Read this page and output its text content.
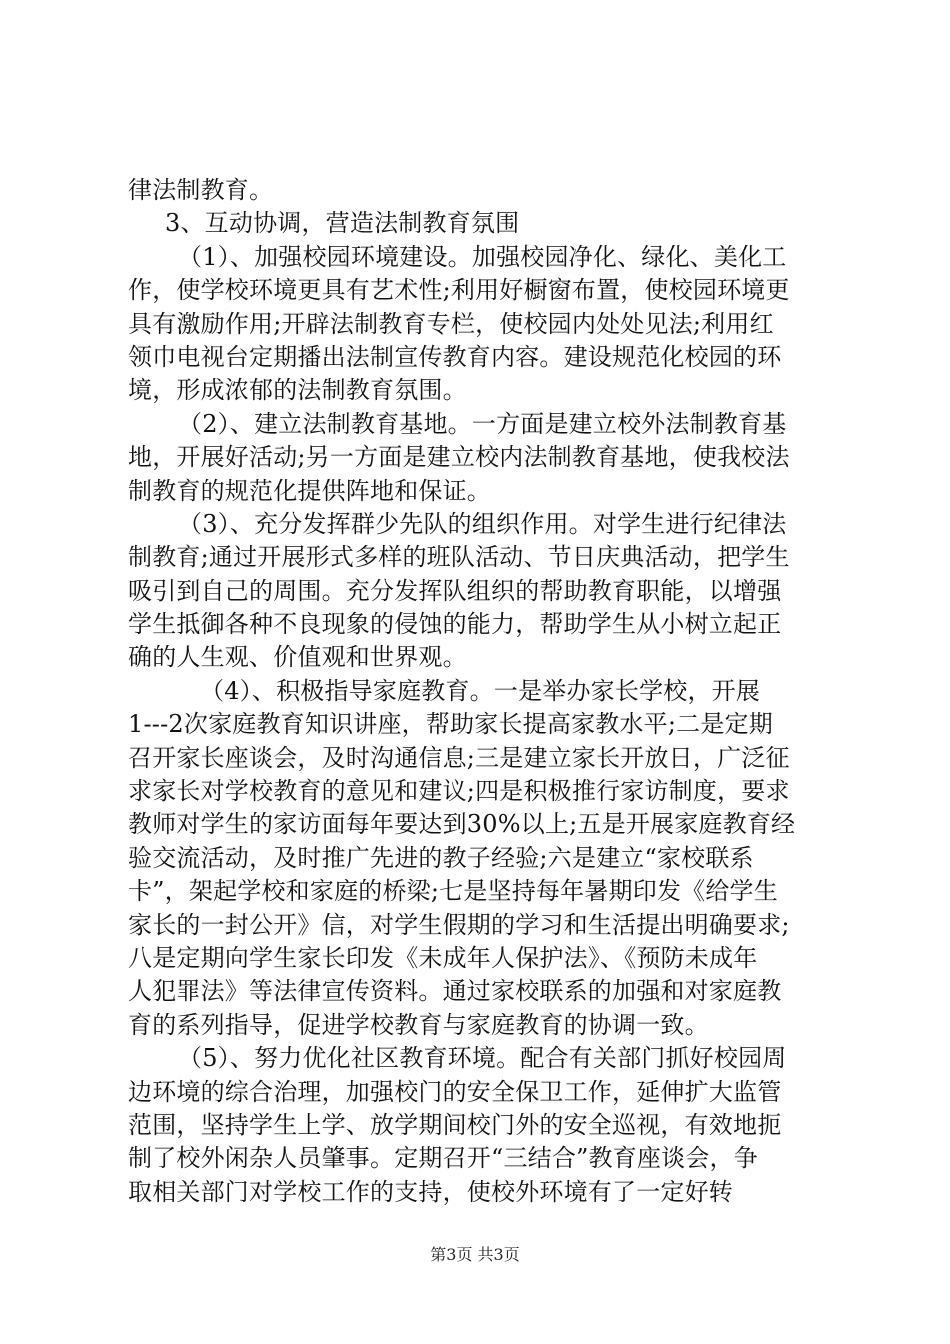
律法制教育。
3、互动协调，营造法制教育氛围
（1）、加强校园环境建设。加强校园净化、绿化、美化工
作，使学校环境更具有艺术性;利用好橱窗布置，使校园环境更
具有激励作用;开辟法制教育专栏，使校园内处处见法;利用红
领巾电视台定期播出法制宣传教育内容。建设规范化校园的环
境，形成浓郁的法制教育氛围。
（2）、建立法制教育基地。一方面是建立校外法制教育基
地，开展好活动;另一方面是建立校内法制教育基地，使我校法
制教育的规范化提供阵地和保证。
（3）、充分发挥群少先队的组织作用。对学生进行纪律法
制教育;通过开展形式多样的班队活动、节日庆典活动，把学生
吸引到自己的周围。充分发挥队组织的帮助教育职能，以增强
学生抵御各种不良现象的侵蚀的能力，帮助学生从小树立起正
确的人生观、价值观和世界观。
（4）、积极指导家庭教育。一是举办家长学校，开展
1---2次家庭教育知识讲座，帮助家长提高家教水平;二是定期
召开家长座谈会，及时沟通信息;三是建立家长开放日，广泛征
求家长对学校教育的意见和建议;四是积极推行家访制度，要求
教师对学生的家访面每年要达到30%以上;五是开展家庭教育经
验交流活动，及时推广先进的教子经验;六是建立“家校联系
卡”，架起学校和家庭的桥梁;七是坚持每年暑期印发《给学生
家长的一封公开》信，对学生假期的学习和生活提出明确要求;
八是定期向学生家长印发《未成年人保护法》、《预防未成年
人犯罪法》等法律宣传资料。通过家校联系的加强和对家庭教
育的系列指导，促进学校教育与家庭教育的协调一致。
（5）、努力优化社区教育环境。配合有关部门抓好校园周
边环境的综合治理，加强校门的安全保卫工作，延伸扩大监管
范围，坚持学生上学、放学期间校门外的安全巡视，有效地扼
制了校外闲杂人员肇事。定期召开“三结合”教育座谈会，争
取相关部门对学校工作的支持，使校外环境有了一定好转
第3页 共3页
